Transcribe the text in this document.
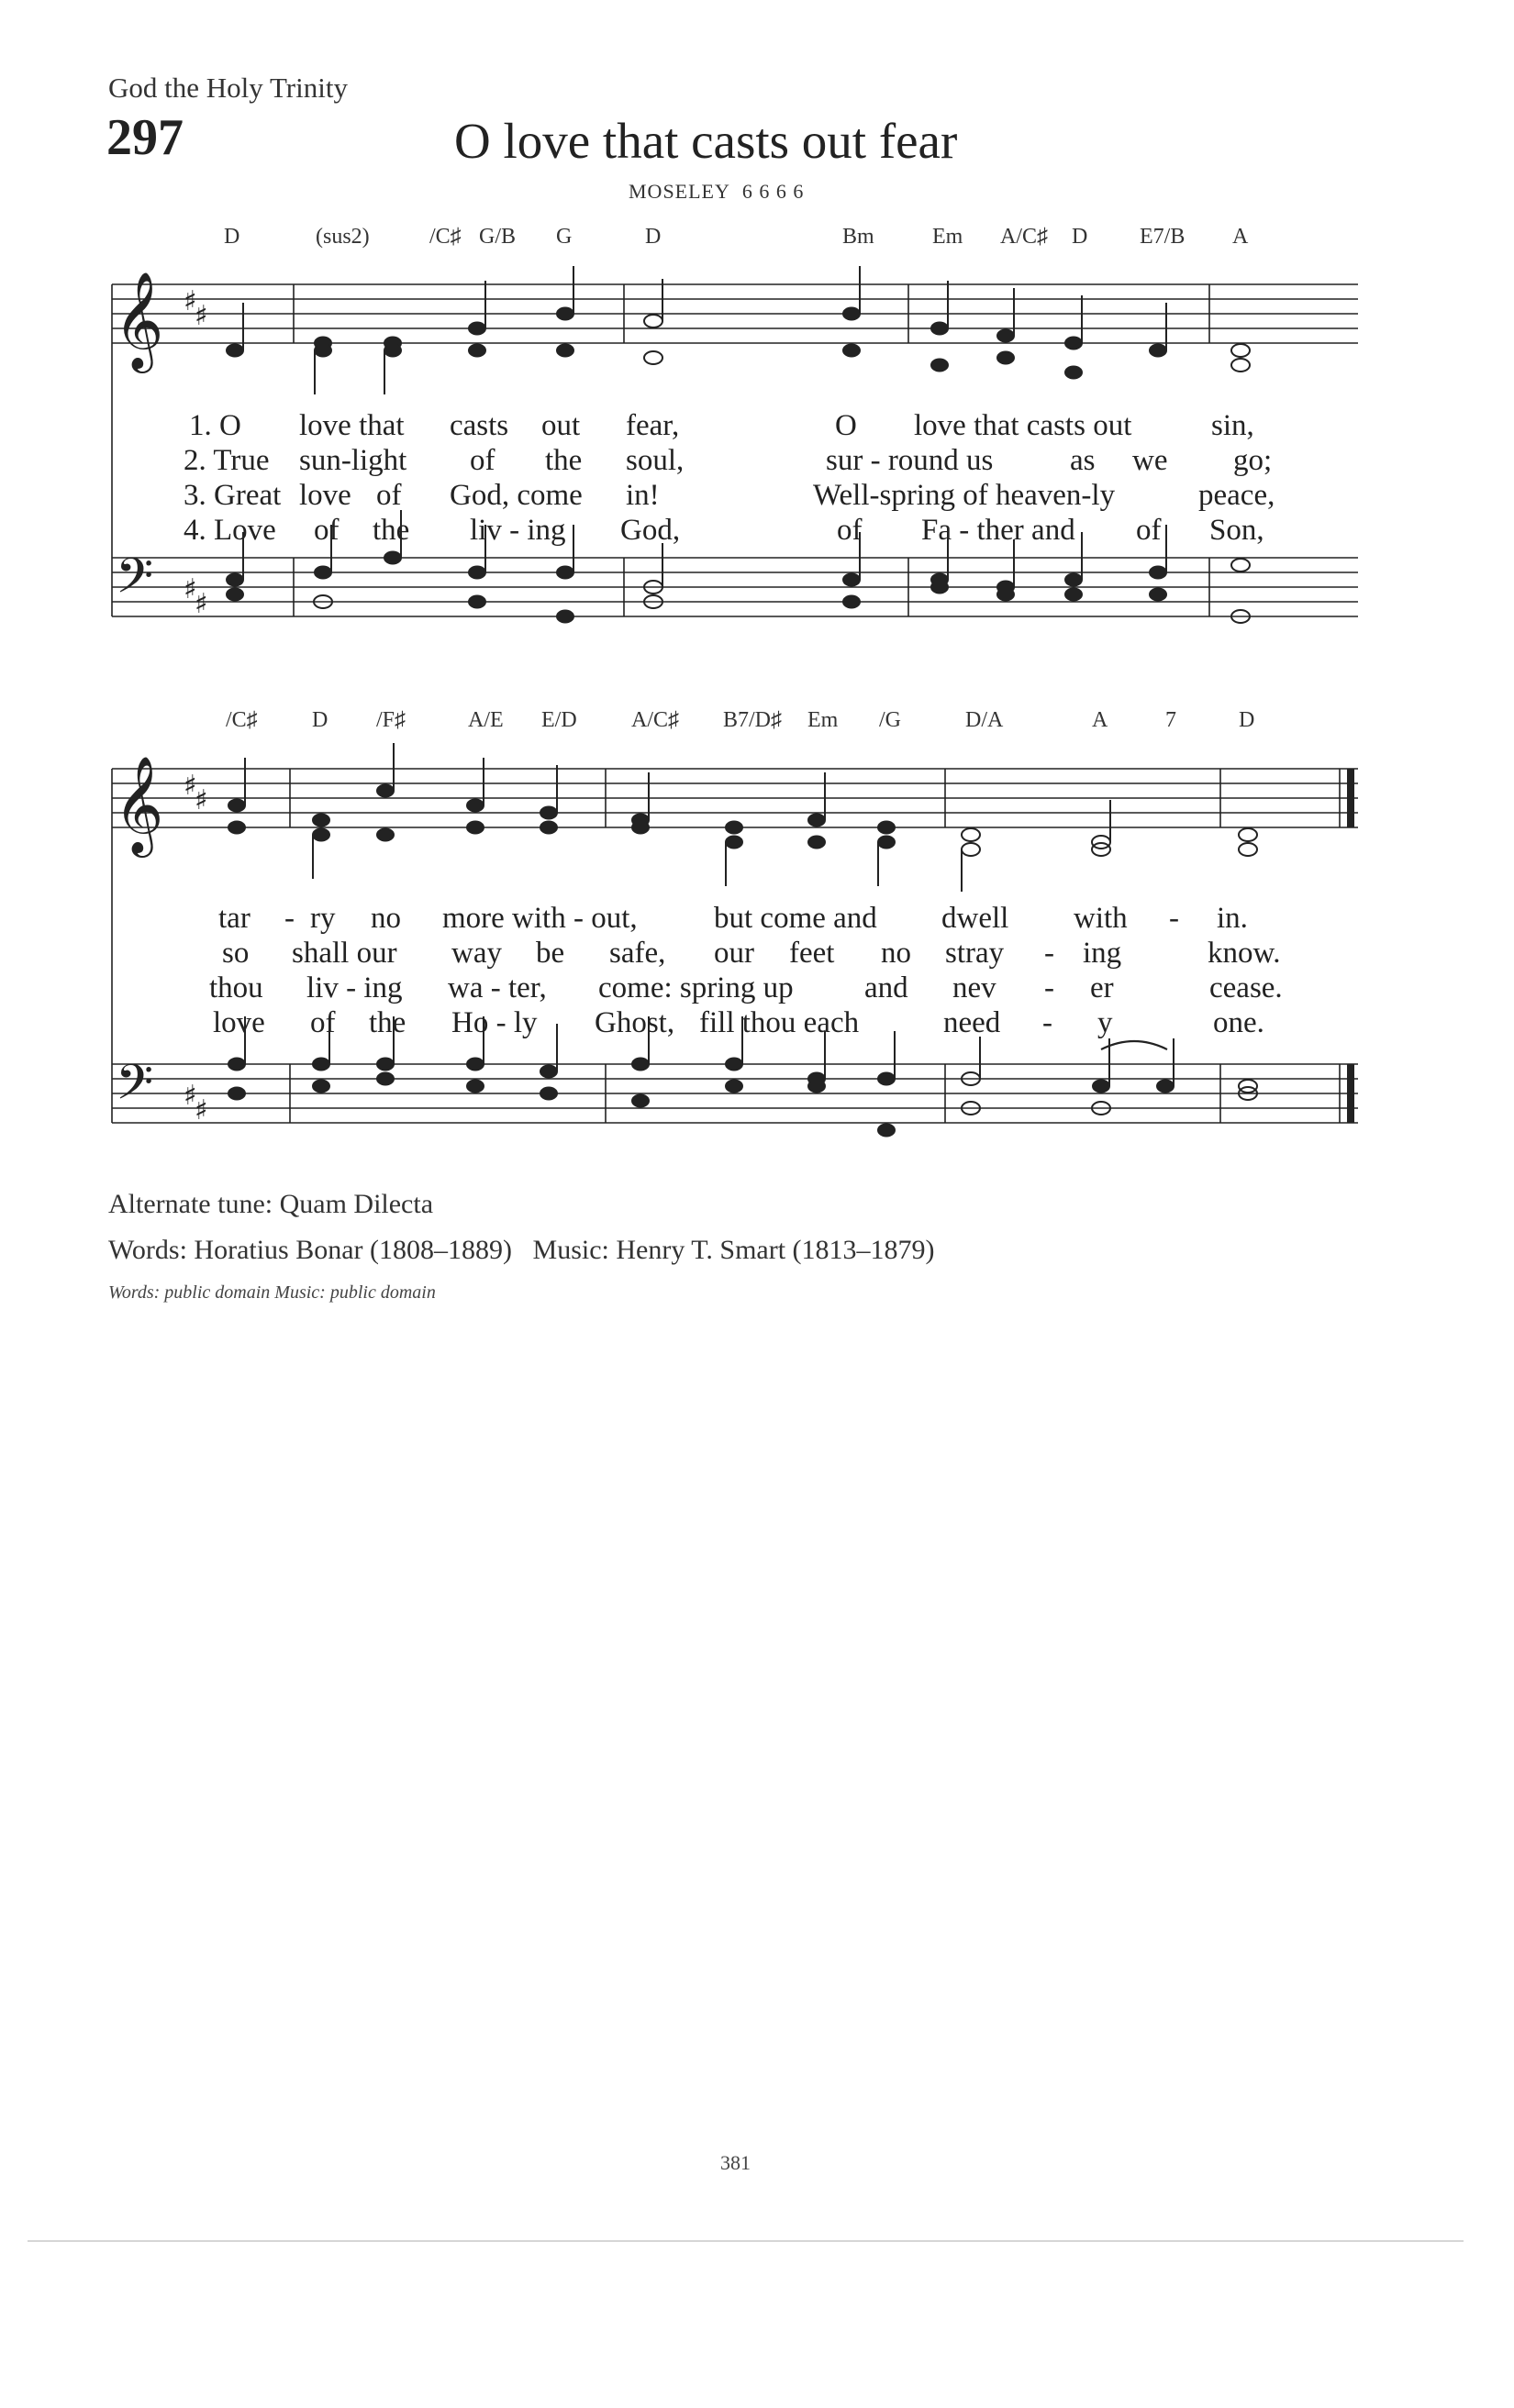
God the Holy Trinity
297	O love that casts out fear
MOSELEY 6 6 6 6
D	(sus2)	/C♯ G/B G	D	Bm	Em A/C♯ D E7/B A
𝄞 ♯
♯
𝄢 ♯
♯
1. O love that casts out fear,	O love that casts out	sin,
2. True sun-light of the soul,	sur - round us	as we go;
3. Great love of God, come in!	Well-spring of heaven-ly	peace,
4. Love of the liv - ing God,	of Fa - ther and of Son,
/C♯ D /F♯	A/E E/D A/C♯ B7/D♯ Em /G	D/A	A	7	D
𝄞 ♯
♯
𝄢 ♯
♯
tar - ry no more with - out,	but come and dwell with - in.
so shall our way be safe, our feet no stray - ing	know.
thou liv - ing wa - ter, come: spring up and nev - er	cease.
love of the Ho - ly Ghost, fill thou each	need - y	one.
Alternate tune: Quam Dilecta
Words: Horatius Bonar (1808–1889) Music: Henry T. Smart (1813–1879)
Words: public domain Music: public domain
381
